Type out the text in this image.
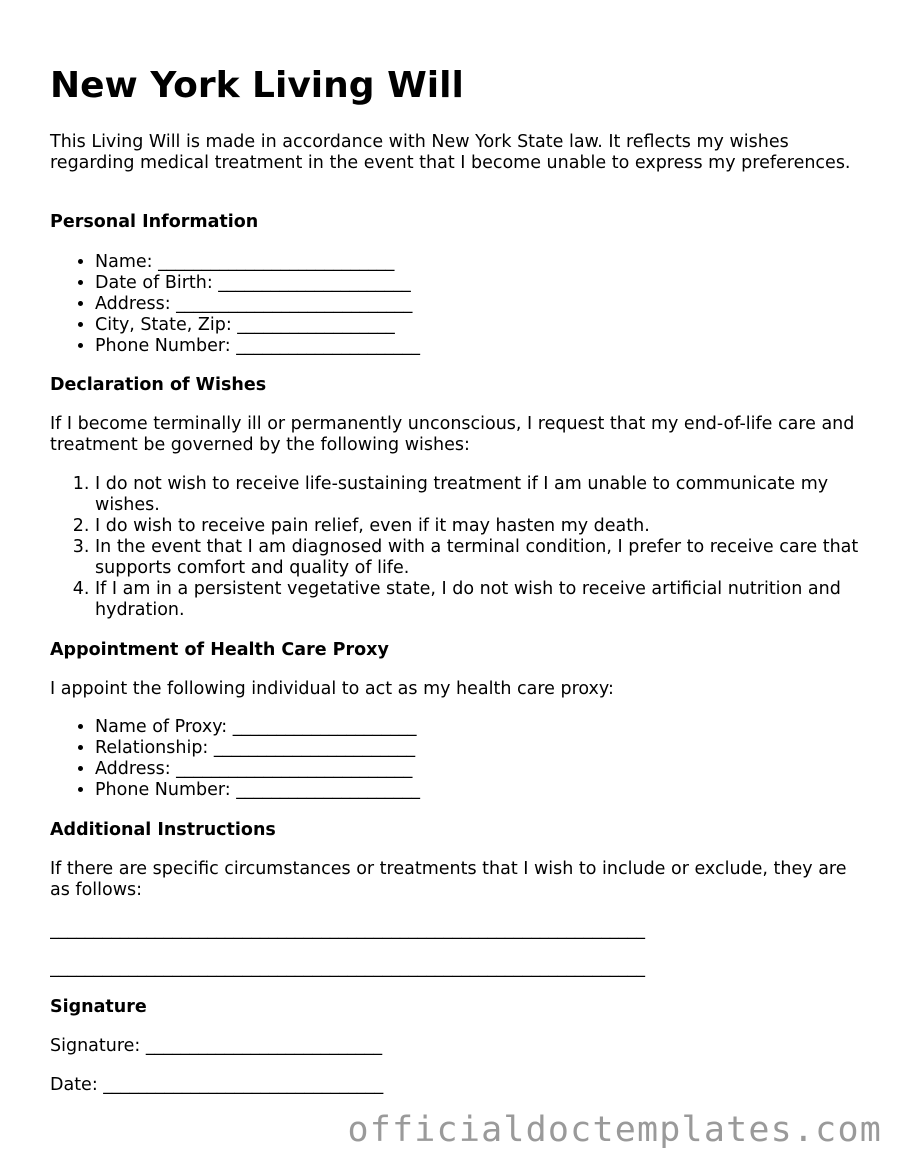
New York Living Will

This Living Will is made in accordance with New York State law. It reflects my wishes regarding medical treatment in the event that I become unable to express my preferences.

Personal Information
• Name: ___________________________
• Date of Birth: ______________________
• Address: ___________________________
• City, State, Zip: __________________
• Phone Number: _____________________
Declaration of Wishes

If I become terminally ill or permanently unconscious, I request that my end-of-life care and treatment be governed by the following wishes:

1. I do not wish to receive life-sustaining treatment if I am unable to communicate my wishes.
2. I do wish to receive pain relief, even if it may hasten my death.
3. In the event that I am diagnosed with a terminal condition, I prefer to receive care that supports comfort and quality of life.
4. If I am in a persistent vegetative state, I do not wish to receive artificial nutrition and hydration.
Appointment of Health Care Proxy

I appoint the following individual to act as my health care proxy:

• Name of Proxy: _____________________
• Relationship: _______________________
• Address: ___________________________
• Phone Number: _____________________
Additional Instructions

If there are specific circumstances or treatments that I wish to include or exclude, they are as follows:

____________________________________________________________________

____________________________________________________________________

Signature

Signature: ___________________________

Date: ________________________________

officialdoctemplates.com
